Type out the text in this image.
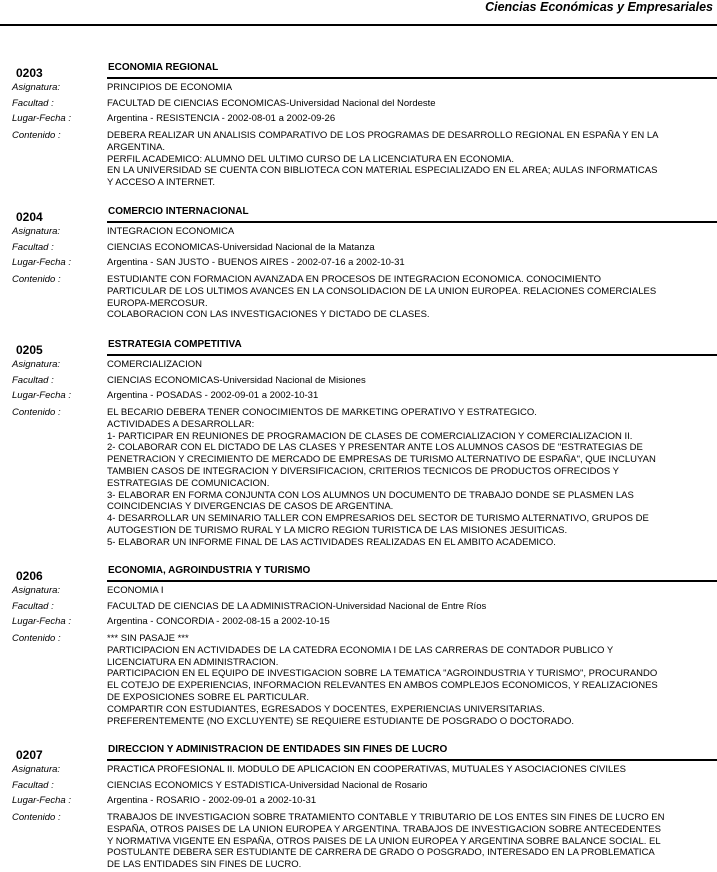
Ciencias Económicas y Empresariales
0203	ECONOMIA REGIONAL
Asignatura:	PRINCIPIOS DE ECONOMIA
Facultad :	FACULTAD DE CIENCIAS ECONOMICAS-Universidad Nacional del Nordeste
Lugar-Fecha :	Argentina - RESISTENCIA - 2002-08-01 a 2002-09-26
Contenido :	DEBERA REALIZAR UN ANALISIS COMPARATIVO DE LOS PROGRAMAS DE DESARROLLO REGIONAL EN ESPAÑA Y EN LA
ARGENTINA.
PERFIL ACADEMICO: ALUMNO DEL ULTIMO CURSO DE LA LICENCIATURA EN ECONOMIA.
EN LA UNIVERSIDAD SE CUENTA CON BIBLIOTECA CON MATERIAL ESPECIALIZADO EN EL AREA; AULAS INFORMATICAS
Y ACCESO A INTERNET.
0204	COMERCIO INTERNACIONAL
Asignatura:	INTEGRACION ECONOMICA
Facultad :	CIENCIAS ECONOMICAS-Universidad Nacional de la Matanza
Lugar-Fecha :	Argentina - SAN JUSTO - BUENOS AIRES - 2002-07-16 a 2002-10-31
Contenido :	ESTUDIANTE CON FORMACION AVANZADA EN PROCESOS DE INTEGRACION ECONOMICA. CONOCIMIENTO
PARTICULAR DE LOS ULTIMOS AVANCES EN LA CONSOLIDACION DE LA UNION EUROPEA. RELACIONES COMERCIALES
EUROPA-MERCOSUR.
COLABORACION CON LAS INVESTIGACIONES Y DICTADO DE CLASES.
0205	ESTRATEGIA COMPETITIVA
Asignatura:	COMERCIALIZACION
Facultad :	CIENCIAS ECONOMICAS-Universidad Nacional de Misiones
Lugar-Fecha :	Argentina - POSADAS - 2002-09-01 a 2002-10-31
Contenido :	EL BECARIO DEBERA TENER CONOCIMIENTOS DE MARKETING OPERATIVO Y ESTRATEGICO.
ACTIVIDADES A DESARROLLAR:
1- PARTICIPAR EN REUNIONES DE PROGRAMACION DE CLASES DE COMERCIALIZACION Y COMERCIALIZACION II.
2- COLABORAR CON EL DICTADO DE LAS CLASES Y PRESENTAR ANTE LOS ALUMNOS CASOS DE "ESTRATEGIAS DE
PENETRACION Y CRECIMIENTO DE MERCADO DE EMPRESAS DE TURISMO ALTERNATIVO DE ESPAÑA", QUE INCLUYAN
TAMBIEN CASOS DE INTEGRACION Y DIVERSIFICACION, CRITERIOS TECNICOS DE PRODUCTOS OFRECIDOS Y
ESTRATEGIAS DE COMUNICACION.
3- ELABORAR EN FORMA CONJUNTA CON LOS ALUMNOS UN DOCUMENTO DE TRABAJO DONDE SE PLASMEN LAS
COINCIDENCIAS Y DIVERGENCIAS DE CASOS DE ARGENTINA.
4- DESARROLLAR UN SEMINARIO TALLER CON EMPRESARIOS DEL SECTOR DE TURISMO ALTERNATIVO, GRUPOS DE
AUTOGESTION DE TURISMO RURAL Y LA MICRO REGION TURISTICA DE LAS MISIONES JESUITICAS.
5- ELABORAR UN INFORME FINAL DE LAS ACTIVIDADES REALIZADAS EN EL AMBITO ACADEMICO.
0206	ECONOMIA, AGROINDUSTRIA Y TURISMO
Asignatura:	ECONOMIA I
Facultad :	FACULTAD DE CIENCIAS DE LA ADMINISTRACION-Universidad Nacional de Entre Ríos
Lugar-Fecha :	Argentina - CONCORDIA - 2002-08-15 a 2002-10-15
Contenido :	*** SIN PASAJE ***
PARTICIPACION EN ACTIVIDADES DE LA CATEDRA ECONOMIA I DE LAS CARRERAS DE CONTADOR PUBLICO Y
LICENCIATURA EN ADMINISTRACION.
PARTICIPACION EN EL EQUIPO DE INVESTIGACION SOBRE LA TEMATICA "AGROINDUSTRIA Y TURISMO", PROCURANDO
EL COTEJO DE EXPERIENCIAS, INFORMACION RELEVANTES EN AMBOS COMPLEJOS ECONOMICOS, Y REALIZACIONES
DE EXPOSICIONES SOBRE EL PARTICULAR.
COMPARTIR CON ESTUDIANTES, EGRESADOS Y DOCENTES, EXPERIENCIAS UNIVERSITARIAS.
PREFERENTEMENTE (NO EXCLUYENTE) SE REQUIERE ESTUDIANTE DE POSGRADO O DOCTORADO.
0207	DIRECCION Y ADMINISTRACION DE ENTIDADES SIN FINES DE LUCRO
Asignatura:	PRACTICA PROFESIONAL II. MODULO DE APLICACION EN COOPERATIVAS, MUTUALES Y ASOCIACIONES CIVILES
Facultad :	CIENCIAS ECONOMICS Y ESTADISTICA-Universidad Nacional de Rosario
Lugar-Fecha :	Argentina - ROSARIO - 2002-09-01 a 2002-10-31
Contenido :	TRABAJOS DE INVESTIGACION SOBRE TRATAMIENTO CONTABLE Y TRIBUTARIO DE LOS ENTES SIN FINES DE LUCRO EN
ESPAÑA, OTROS PAISES DE LA UNION EUROPEA Y ARGENTINA. TRABAJOS DE INVESTIGACION SOBRE ANTECEDENTES
Y NORMATIVA VIGENTE EN ESPAÑA, OTROS PAISES DE LA UNION EUROPEA Y ARGENTINA SOBRE BALANCE SOCIAL. EL
POSTULANTE DEBERA SER ESTUDIANTE DE CARRERA DE GRADO O POSGRADO, INTERESADO EN LA PROBLEMATICA
DE LAS ENTIDADES SIN FINES DE LUCRO.
